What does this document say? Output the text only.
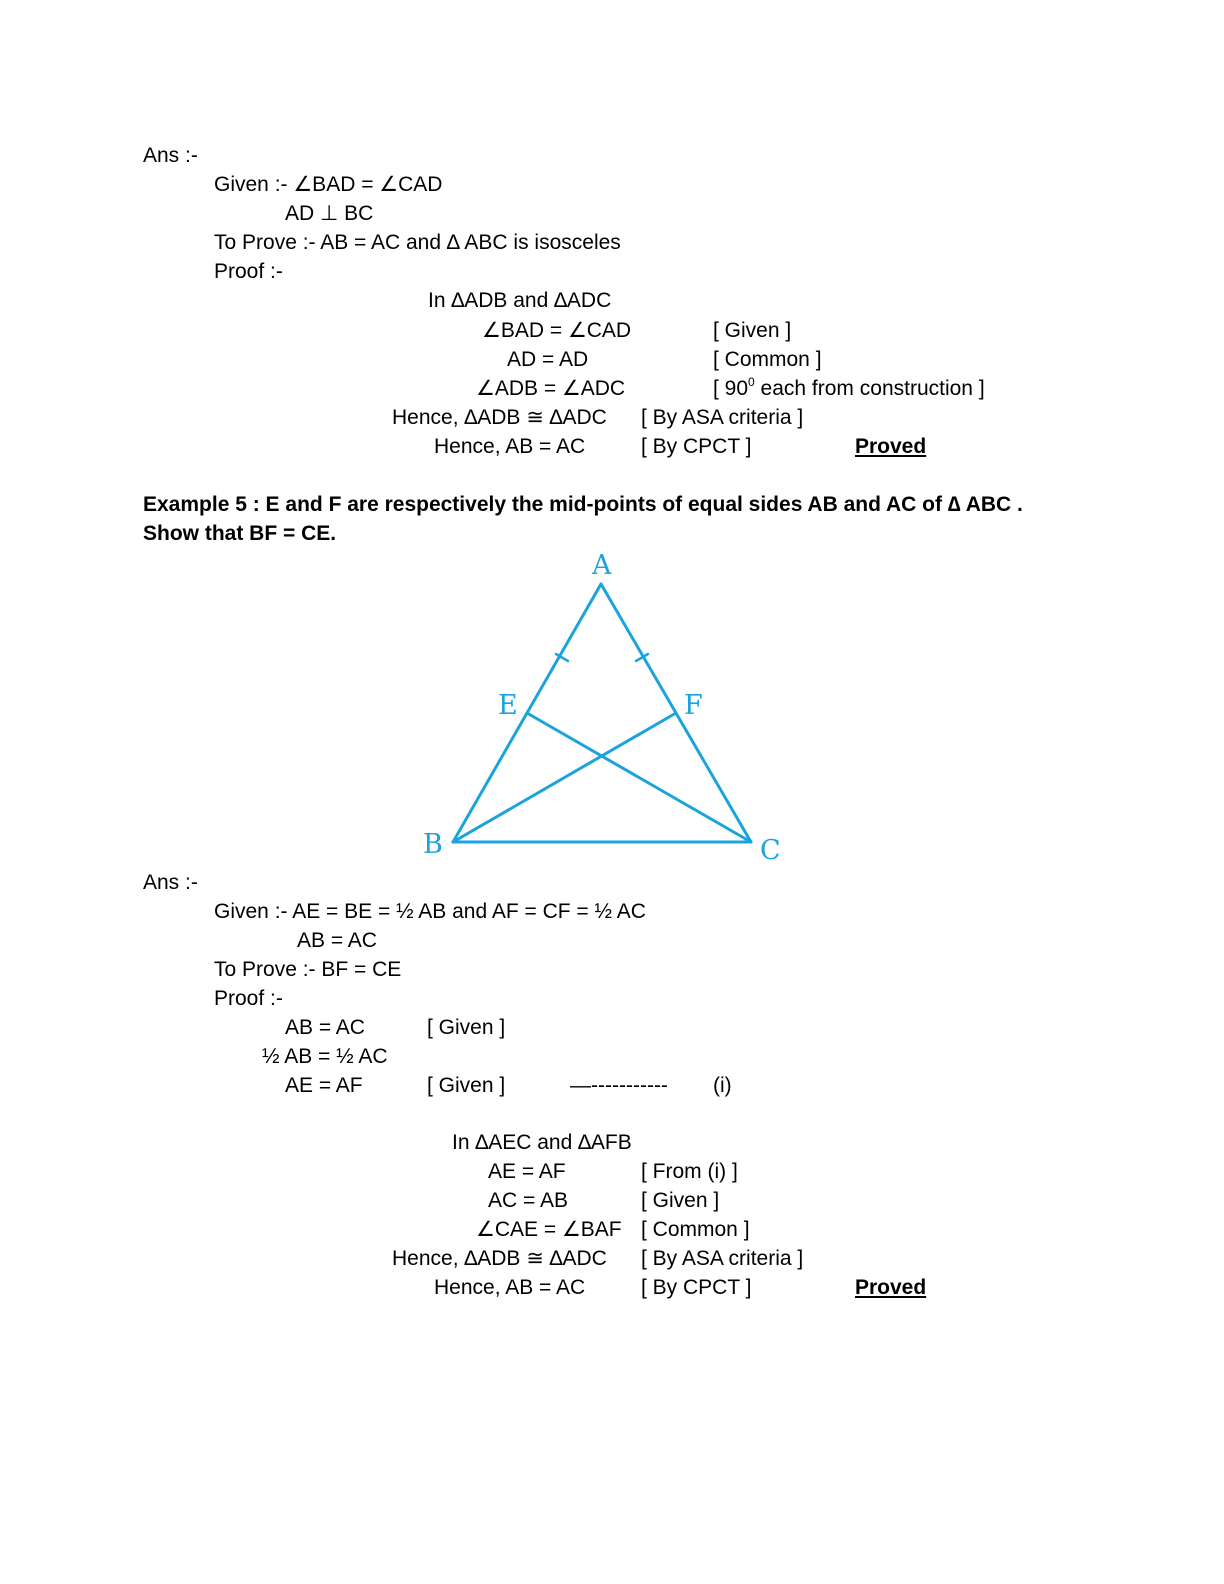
Ans :-
Given :- ∠BAD = ∠CAD
AD ⊥ BC
To Prove :- AB = AC and ∆ ABC is isosceles
Proof :-
In ∆ADB and ∆ADC
∠BAD = ∠CAD	[ Given ]
AD = AD	[ Common ]
∠ADB = ∠ADC	[ $90^0$ each from construction ]
Hence, ∆ADB ≅ ∆ADC [ By ASA criteria ]
Hence, AB = AC	[ By CPCT ]	Proved
Example 5 : E and F are respectively the mid-points of equal sides AB and AC of ∆ ABC .
Show that BF = CE.
A
E	F
B	C
Ans :-
Given :- AE = BE = ½ AB and AF = CF = ½ AC
AB = AC
To Prove :- BF = CE
Proof :-
AB = AC	[ Given ]
½ AB = ½ AC
AE = AF	[ Given ]	—----------- (i)
In ∆AEC and ∆AFB
AE = AF	[ From (i) ]
AC = AB	[ Given ]
∠CAE = ∠BAF [ Common ]
Hence, ∆ADB ≅ ∆ADC [ By ASA criteria ]
Hence, AB = AC	[ By CPCT ]	Proved
